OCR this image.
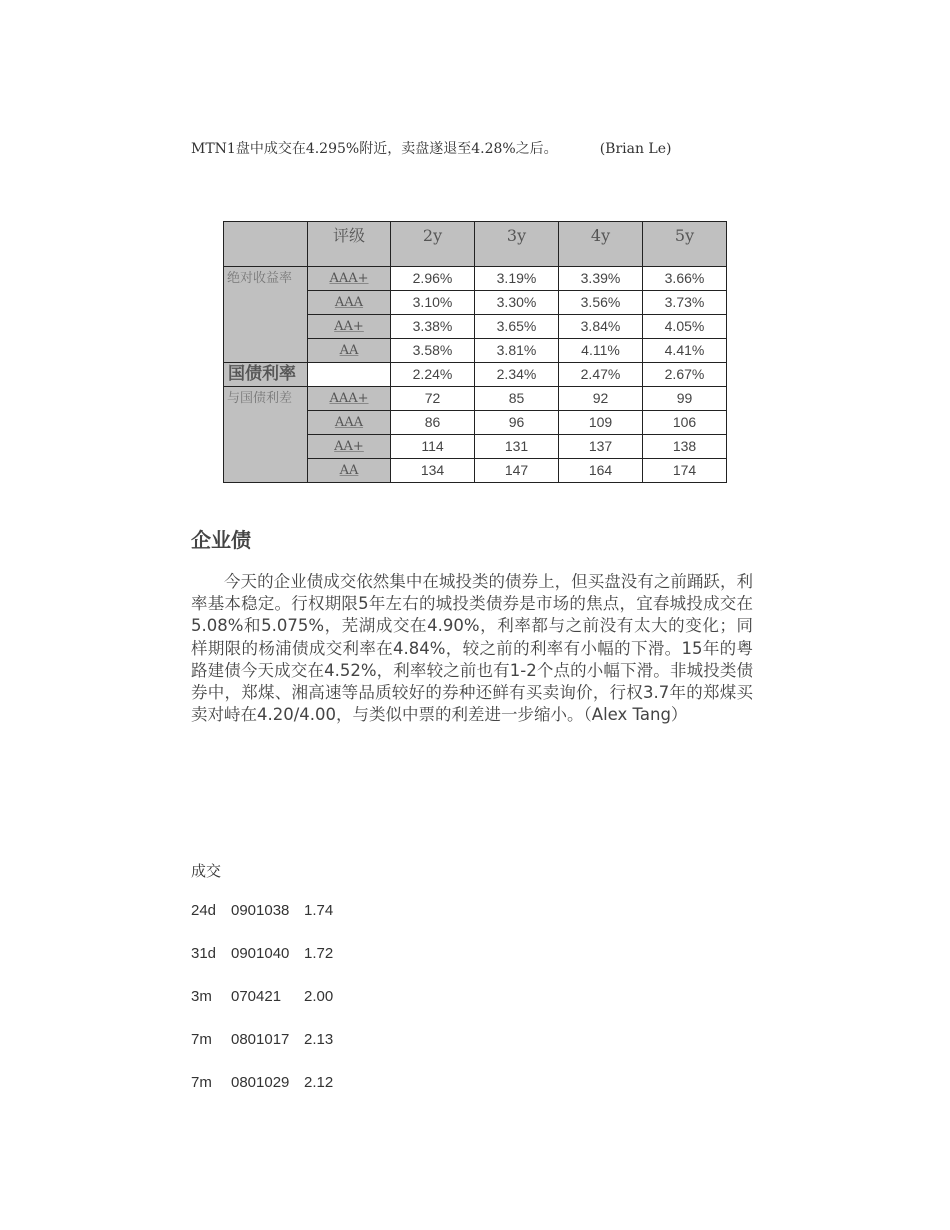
MTN1盘中成交在4.295%附近，卖盘遂退至4.28%之后。	(Brian Le)
	评级	2y	3y	4y	5y
绝对收益率	AAA+	2.96%	3.19%	3.39%	3.66%
	AAA	3.10%	3.30%	3.56%	3.73%
	AA+	3.38%	3.65%	3.84%	4.05%
	AA	3.58%	3.81%	4.11%	4.41%
国债利率		2.24%	2.34%	2.47%	2.67%
与国债利差	AAA+	72	85	92	99
	AAA	86	96	109	106
	AA+	114	131	137	138
	AA	134	147	164	174
企业债

今天的企业债成交依然集中在城投类的债券上，但买盘没有之前踊跃，利率基本稳定。行权期限5年左右的城投类债券是市场的焦点，宜春城投成交在5.08%和5.075%，芜湖成交在4.90%，利率都与之前没有太大的变化；同样期限的杨浦债成交利率在4.84%，较之前的利率有小幅的下滑。15年的粤路建债今天成交在4.52%，利率较之前也有1-2个点的小幅下滑。非城投类债券中，郑煤、湘高速等品质较好的券种还鲜有买卖询价，行权3.7年的郑煤买卖对峙在4.20/4.00，与类似中票的利差进一步缩小。（Alex Tang）

成交
24d 0901038 1.74
31d 0901040 1.72
3m 070421 2.00
7m 0801017 2.13
7m 0801029 2.12
